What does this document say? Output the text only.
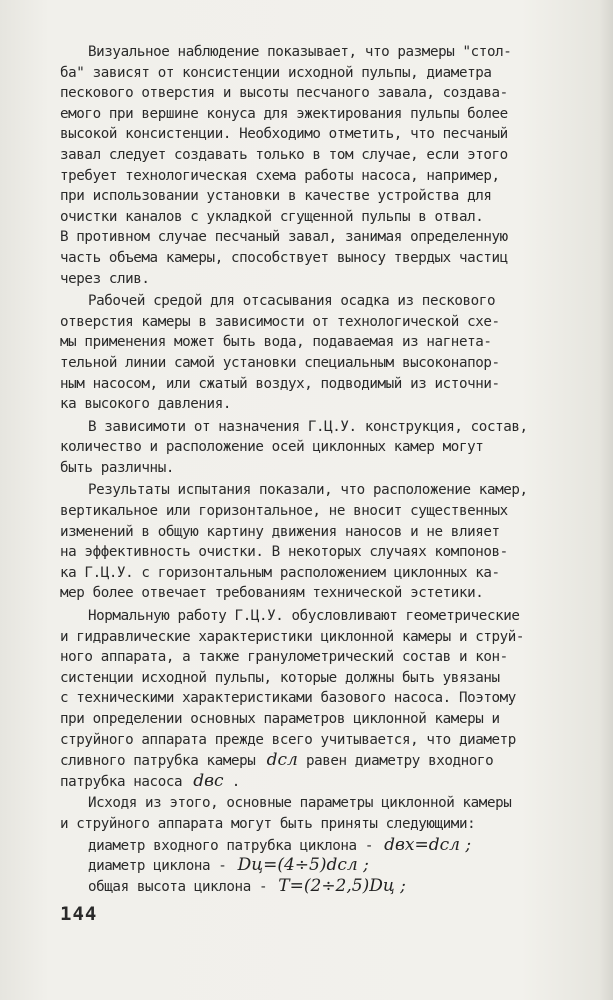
Визуальное наблюдение показывает, что размеры "стол-
ба" зависят от консистенции исходной пульпы, диаметра
пескового отверстия и высоты песчаного завала, создава-
емого при вершине конуса для эжектирования пульпы более
высокой консистенции. Необходимо отметить, что песчаный
завал следует создавать только в том случае, если этого
требует технологическая схема работы насоса, например,
при использовании установки в качестве устройства для
очистки каналов с укладкой сгущенной пульпы в отвал.
В противном случае песчаный завал, занимая определенную
часть объема камеры, способствует выносу твердых частиц
через слив.
Рабочей средой для отсасывания осадка из пескового
отверстия камеры в зависимости от технологической схе-
мы применения может быть вода, подаваемая из нагнета-
тельной линии самой установки специальным высоконапор-
ным насосом, или сжатый воздух, подводимый из источни-
ка высокого давления.
В зависимоти от назначения Г.Ц.У. конструкция, состав,
количество и расположение осей циклонных камер могут
быть различны.
Результаты испытания показали, что расположение камер,
вертикальное или горизонтальное, не вносит существенных
изменений в общую картину движения наносов и не влияет
на эффективность очистки. В некоторых случаях компонов-
ка Г.Ц.У. с горизонтальным расположением циклонных ка-
мер более отвечает требованиям технической эстетики.
Нормальную работу Г.Ц.У. обусловливают геометрические
и гидравлические характеристики циклонной камеры и струй-
ного аппарата, а также гранулометрический состав и кон-
систенции исходной пульпы, которые должны быть увязаны
с техническими характеристиками базового насоса. Поэтому
при определении основных параметров циклонной камеры и
струйного аппарата прежде всего учитывается, что диаметр
сливного патрубка камеры dсл равен диаметру входного
патрубка насоса dвс .
Исходя из этого, основные параметры циклонной камеры
и струйного аппарата могут быть приняты следующими:
диаметр входного патрубка циклона - dвх=dсл ;
диаметр циклона - Dц=(4÷5)dсл ;
общая высота циклона - T=(2÷2,5)Dц ;
144
